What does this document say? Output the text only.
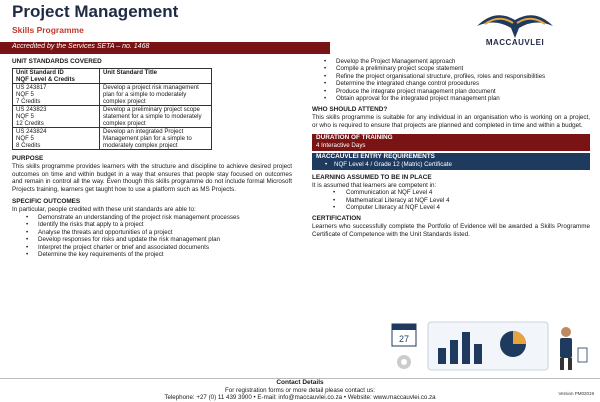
Project Management
Skills Programme
Accredited by the Services SETA – no. 1468	MACCAUVLEI

UNIT STANDARDS COVERED

Unit Standard ID
NQF Level & Credits	Unit Standard Title
US 243817
NQF 5
7 Credits	Develop a project risk management plan for a simple to moderately complex project
US 243823
NQF 5
12 Credits	Develop a preliminary project scope statement for a simple to moderately complex project
US 243824
NQF 5
8 Credits	Develop an integrated Project Management plan for a simple to moderately complex project

PURPOSE

This skills programme provides learners with the structure and discipline to achieve desired project outcomes on time and within budget in a way that ensures that people stay focused on outcomes and remain in control all the way. Even though this skills programme do not include formal Microsoft Projects training, learners get taught how to use a platform such as MS Projects.

SPECIFIC OUTCOMES

In particular, people credited with these unit standards are able to:

• Demonstrate an understanding of the project risk management processes
• Identify the risks that apply to a project
• Analyse the threats and opportunities of a project
• Develop responses for risks and update the risk management plan
• Interpret the project charter or brief and associated documents
• Determine the key requirements of the project
• Develop the Project Management approach
• Compile a preliminary project scope statement
• Refine the project organisational structure, profiles, roles and responsibilities
• Determine the integrated change control procedures
• Produce the integrate project management plan document
• Obtain approval for the integrated project management plan

WHO SHOULD ATTEND?

This skills programme is suitable for any individual in an organisation who is working on a project, or who is required to ensure that projects are planned and completed in time and within a budget.

DURATION OF TRAINING

4 Interactive Days

MACCAUVLEI ENTRY REQUIREMENTS

• NQF Level 4 / Grade 12 (Matric) Certificate

LEARNING ASSUMED TO BE IN PLACE

It is assumed that learners are competent in:

• Communication at NQF Level 4
• Mathematical Literacy at NQF Level 4
• Computer Literacy at NQF Level 4

CERTIFICATION

Learners who successfully complete the Portfolio of Evidence will be awarded a Skills Programme Certificate of Competence with the Unit Standards listed.

27
Contact Details
For registration forms or more detail please contact us:
Telephone: +27 (0) 11 439 3900 • E-mail: info@maccauvlei.co.za • Website: www.maccauvlei.co.za
Version PM02019
